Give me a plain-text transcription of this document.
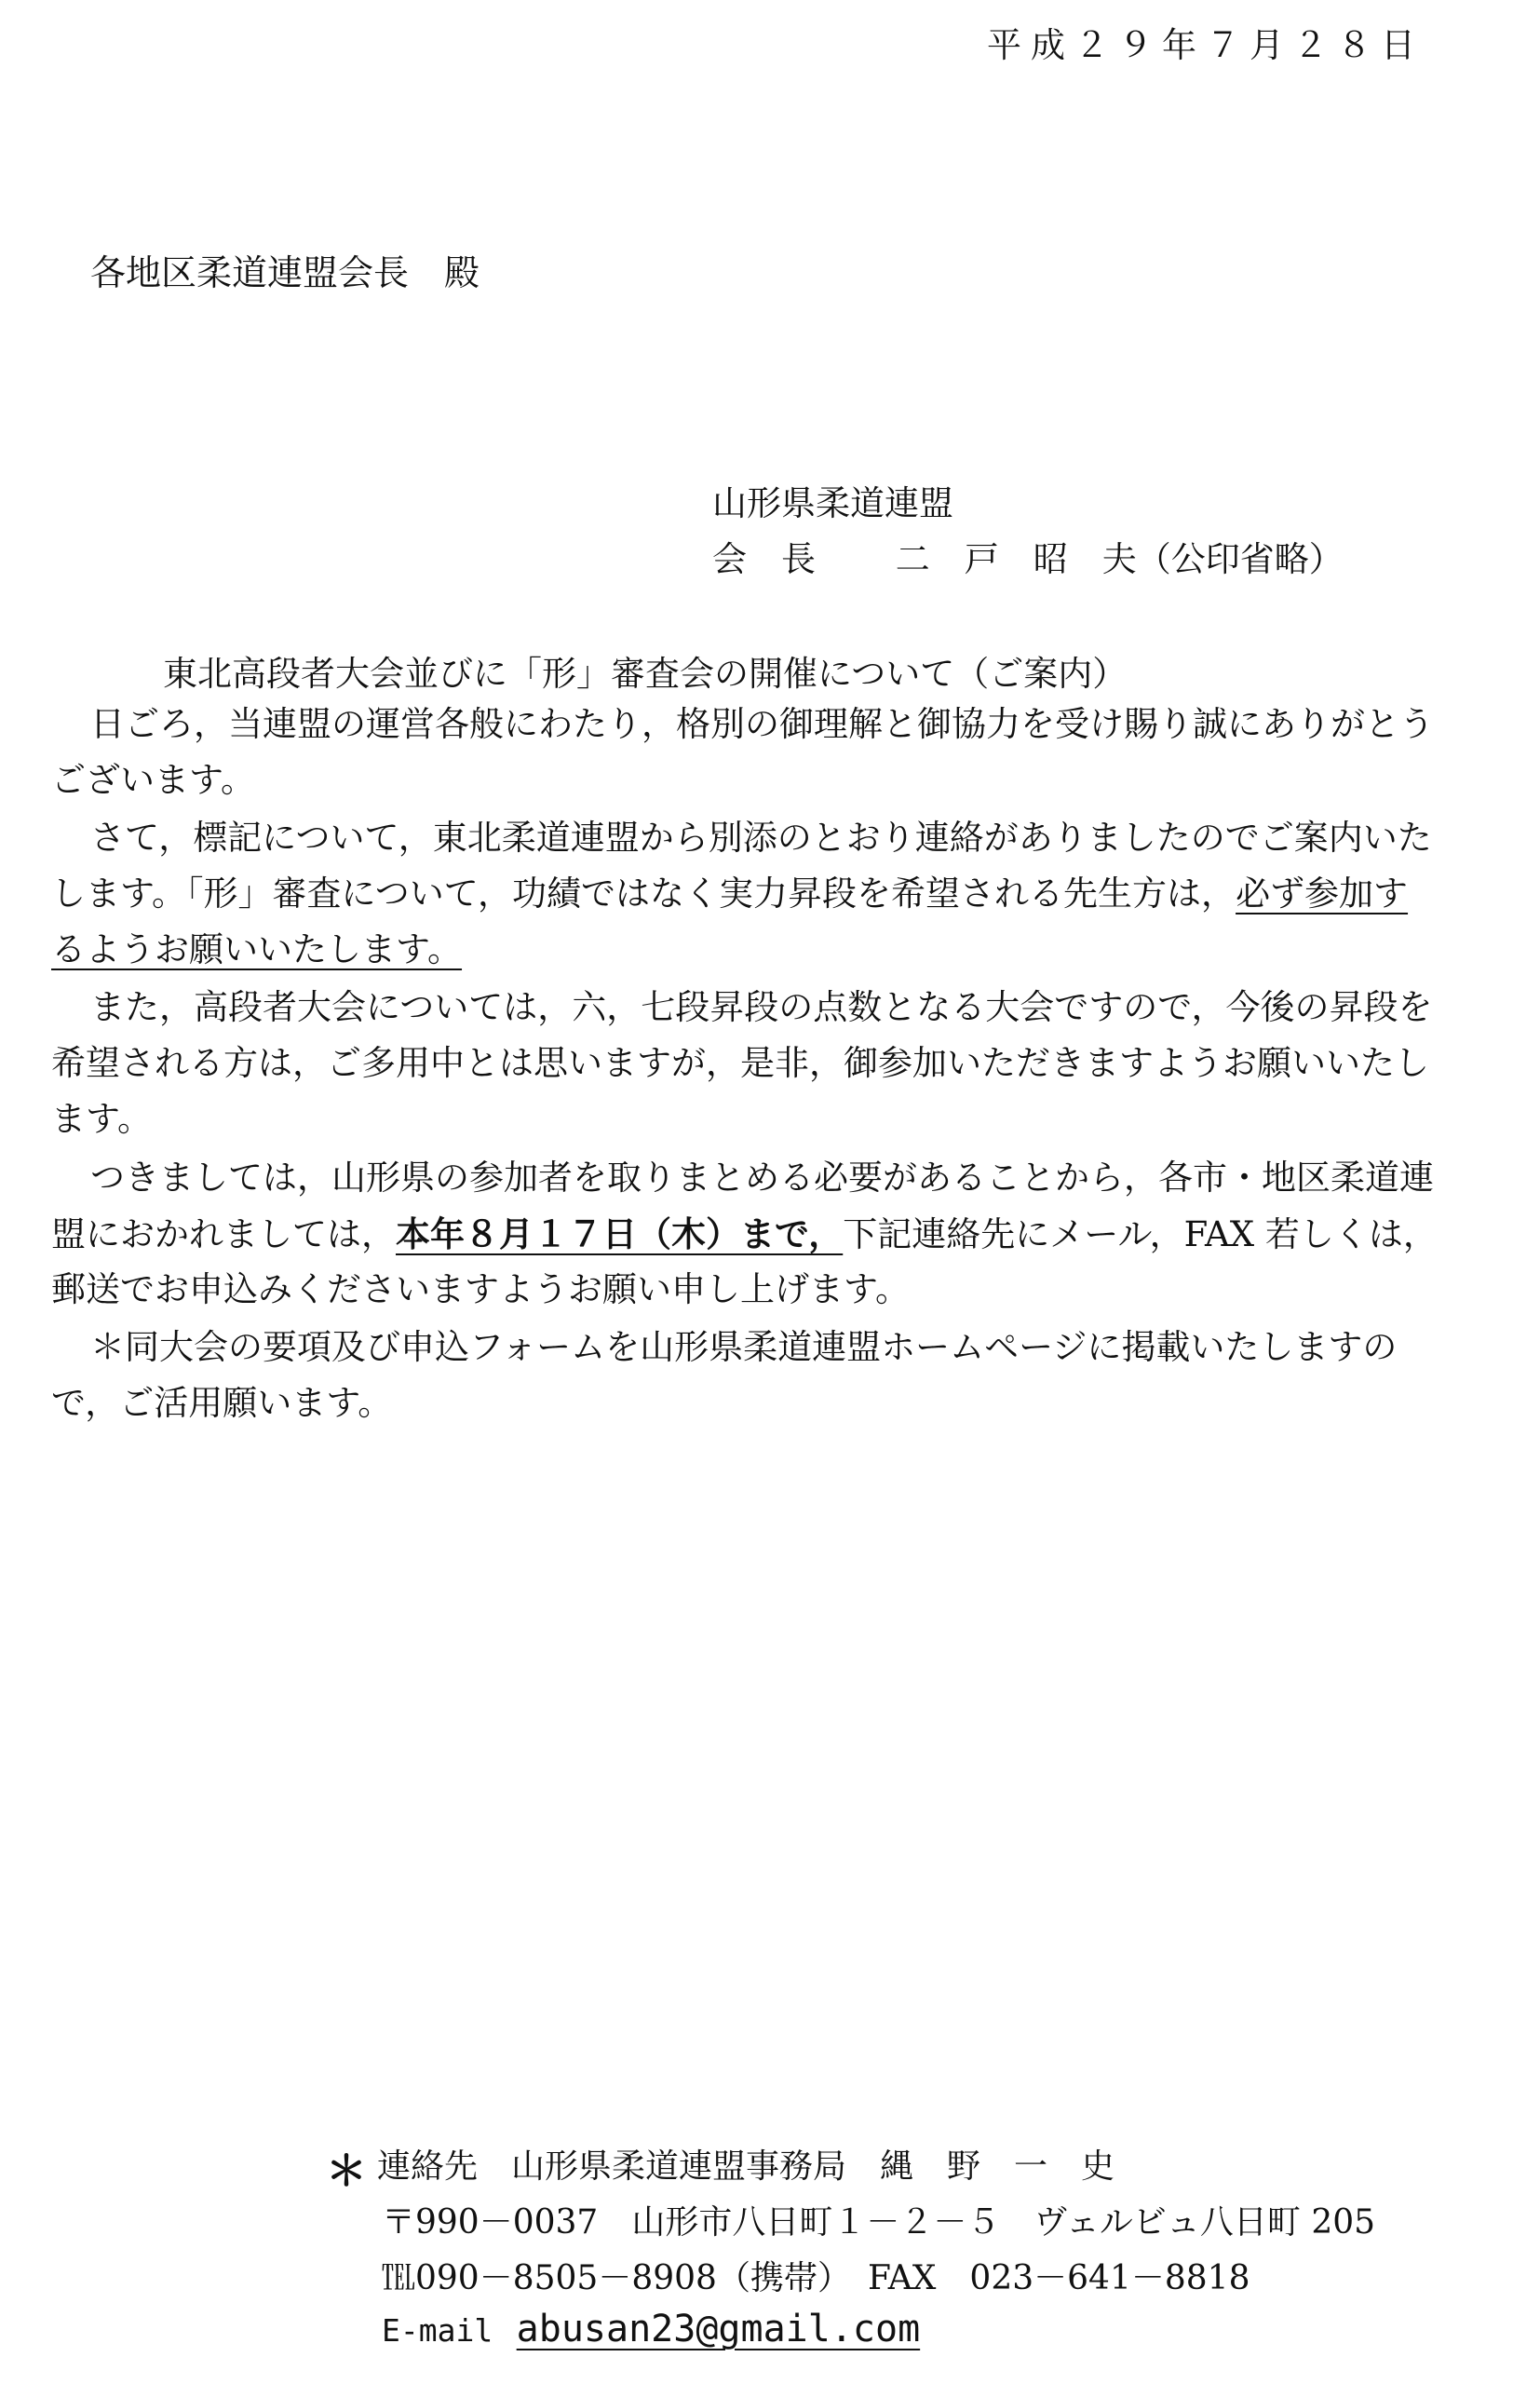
平成２９年７月２８日
各地区柔道連盟会長　殿
山形県柔道連盟
会　長　　 二　戸　昭　夫（公印省略）
東北高段者大会並びに「形」審査会の開催について（ご案内）
日ごろ，当連盟の運営各般にわたり，格別の御理解と御協力を受け賜り誠にありがとう
ございます。
さて，標記について，東北柔道連盟から別添のとおり連絡がありましたのでご案内いた
します。「形」審査について，功績ではなく実力昇段を希望される先生方は，必ず参加す
るようお願いいたします。
また，高段者大会については，六，七段昇段の点数となる大会ですので，今後の昇段を
希望される方は，ご多用中とは思いますが，是非，御参加いただきますようお願いいたし
ます。
つきましては，山形県の参加者を取りまとめる必要があることから，各市・地区柔道連
盟におかれましては，本年８月１７日（木）まで，下記連絡先にメール，FAX 若しくは，
郵送でお申込みくださいますようお願い申し上げます。
＊同大会の要項及び申込フォームを山形県柔道連盟ホームページに掲載いたしますの
で，ご活用願います。
＊ 連絡先　山形県柔道連盟事務局　縄　野　一　史
〒990－0037　山形市八日町１－２－５　ヴェルビュ八日町 205
℡090－8505－8908（携帯）　FAX　023－641－8818
E-mail abusan23@gmail.com
